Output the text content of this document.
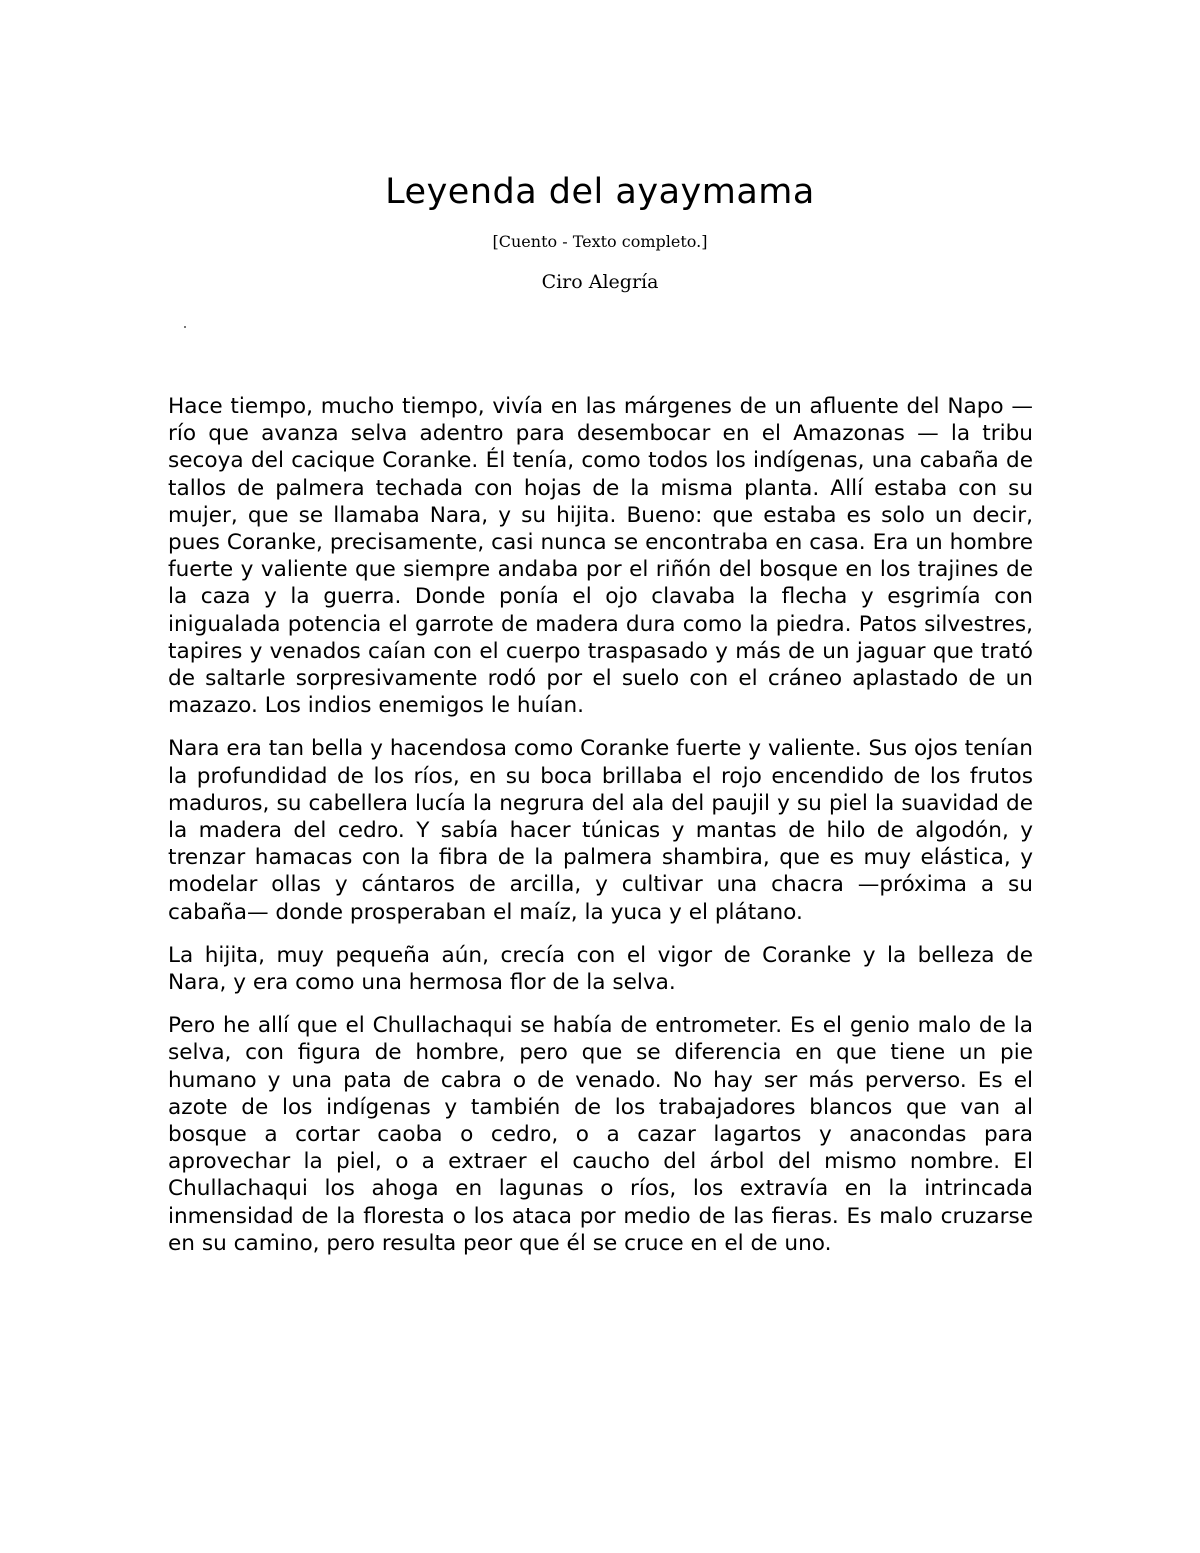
Leyenda del ayaymama
[Cuento - Texto completo.]
Ciro Alegría

Hace tiempo, mucho tiempo, vivía en las márgenes de un afluente del Napo —río que avanza selva adentro para desembocar en el Amazonas — la tribu secoya del cacique Coranke. Él tenía, como todos los indígenas, una cabaña de tallos de palmera techada con hojas de la misma planta. Allí estaba con su mujer, que se llamaba Nara, y su hijita. Bueno: que estaba es solo un decir, pues Coranke, precisamente, casi nunca se encontraba en casa. Era un hombre fuerte y valiente que siempre andaba por el riñón del bosque en los trajines de la caza y la guerra. Donde ponía el ojo clavaba la flecha y esgrimía con inigualada potencia el garrote de madera dura como la piedra. Patos silvestres, tapires y venados caían con el cuerpo traspasado y más de un jaguar que trató de saltarle sorpresivamente rodó por el suelo con el cráneo aplastado de un mazazo. Los indios enemigos le huían.

Nara era tan bella y hacendosa como Coranke fuerte y valiente. Sus ojos tenían la profundidad de los ríos, en su boca brillaba el rojo encendido de los frutos maduros, su cabellera lucía la negrura del ala del paujil y su piel la suavidad de la madera del cedro. Y sabía hacer túnicas y mantas de hilo de algodón, y trenzar hamacas con la fibra de la palmera shambira, que es muy elástica, y modelar ollas y cántaros de arcilla, y cultivar una chacra —próxima a su cabaña— donde prosperaban el maíz, la yuca y el plátano.

La hijita, muy pequeña aún, crecía con el vigor de Coranke y la belleza de Nara, y era como una hermosa flor de la selva.

Pero he allí que el Chullachaqui se había de entrometer. Es el genio malo de la selva, con figura de hombre, pero que se diferencia en que tiene un pie humano y una pata de cabra o de venado. No hay ser más perverso. Es el azote de los indígenas y también de los trabajadores blancos que van al bosque a cortar caoba o cedro, o a cazar lagartos y anacondas para aprovechar la piel, o a extraer el caucho del árbol del mismo nombre. El Chullachaqui los ahoga en lagunas o ríos, los extravía en la intrincada inmensidad de la floresta o los ataca por medio de las fieras. Es malo cruzarse en su camino, pero resulta peor que él se cruce en el de uno.
